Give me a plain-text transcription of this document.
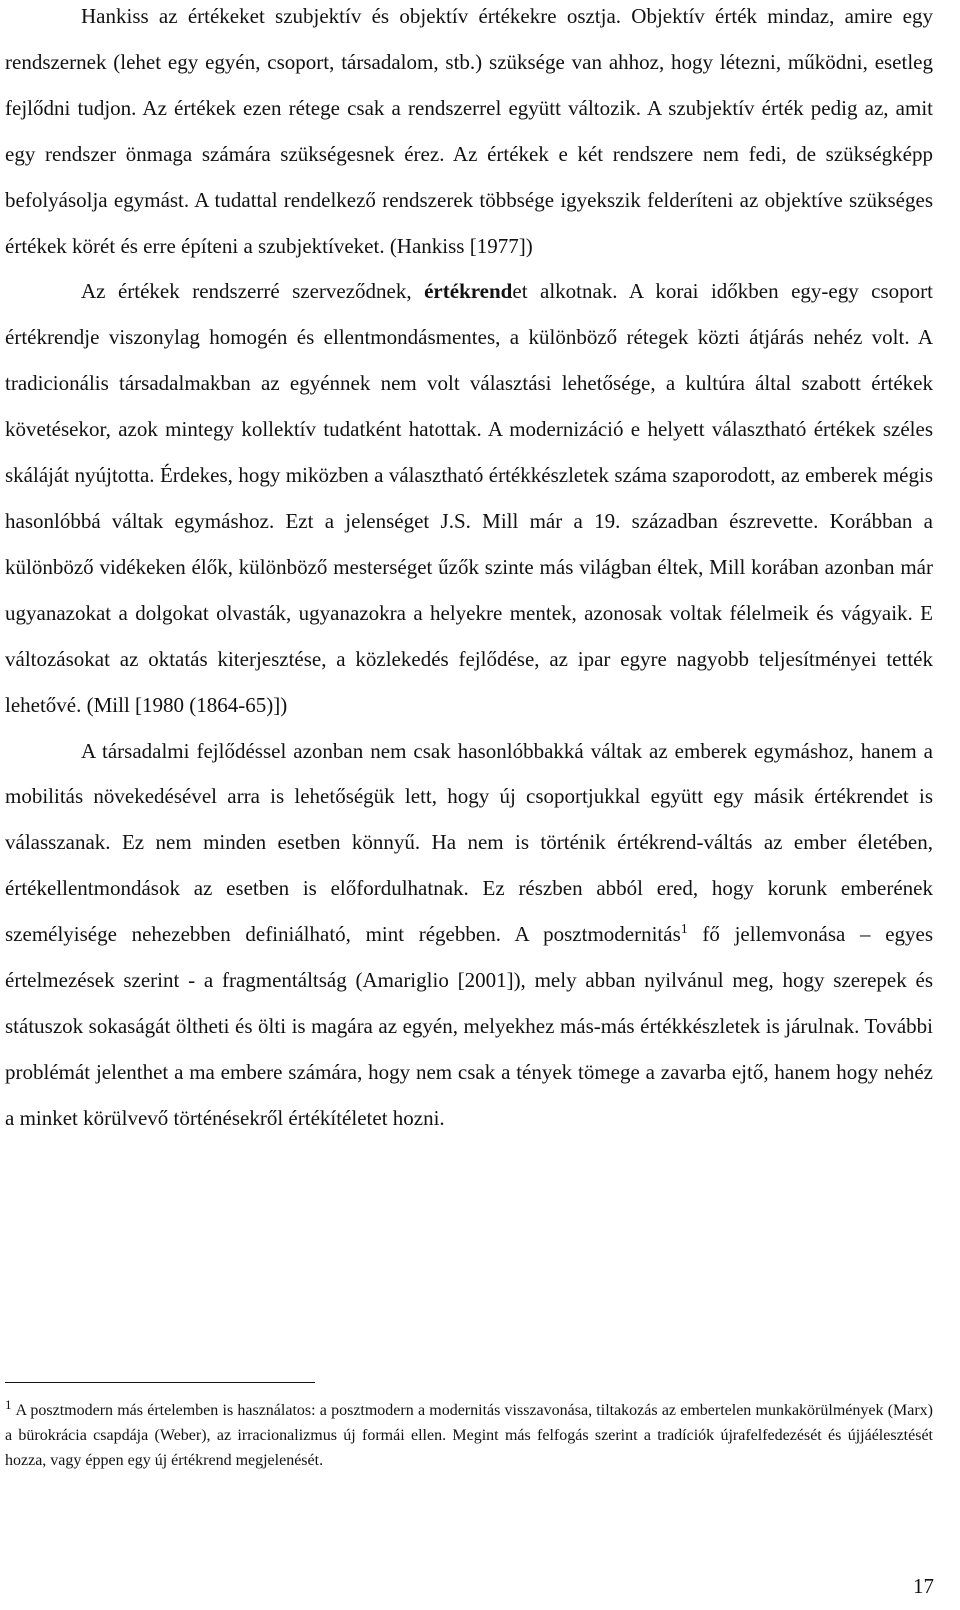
Hankiss az értékeket szubjektív és objektív értékekre osztja. Objektív érték mindaz, amire egy rendszernek (lehet egy egyén, csoport, társadalom, stb.) szüksége van ahhoz, hogy létezni, működni, esetleg fejlődni tudjon. Az értékek ezen rétege csak a rendszerrel együtt változik. A szubjektív érték pedig az, amit egy rendszer önmaga számára szükségesnek érez. Az értékek e két rendszere nem fedi, de szükségképp befolyásolja egymást. A tudattal rendelkező rendszerek többsége igyekszik felderíteni az objektíve szükséges értékek körét és erre építeni a szubjektíveket. (Hankiss [1977])

Az értékek rendszerré szerveződnek, értékrendet alkotnak. A korai időkben egy-egy csoport értékrendje viszonylag homogén és ellentmondásmentes, a különböző rétegek közti átjárás nehéz volt. A tradicionális társadalmakban az egyénnek nem volt választási lehetősége, a kultúra által szabott értékek követésekor, azok mintegy kollektív tudatként hatottak. A modernizáció e helyett választható értékek széles skáláját nyújtotta. Érdekes, hogy miközben a választható értékkészletek száma szaporodott, az emberek mégis hasonlóbbá váltak egymáshoz. Ezt a jelenséget J.S. Mill már a 19. században észrevette. Korábban a különböző vidékeken élők, különböző mesterséget űzők szinte más világban éltek, Mill korában azonban már ugyanazokat a dolgokat olvasták, ugyanazokra a helyekre mentek, azonosak voltak félelmeik és vágyaik. E változásokat az oktatás kiterjesztése, a közlekedés fejlődése, az ipar egyre nagyobb teljesítményei tették lehetővé. (Mill [1980 (1864-65)])

A társadalmi fejlődéssel azonban nem csak hasonlóbbakká váltak az emberek egymáshoz, hanem a mobilitás növekedésével arra is lehetőségük lett, hogy új csoportjukkal együtt egy másik értékrendet is válasszanak. Ez nem minden esetben könnyű. Ha nem is történik értékrend-váltás az ember életében, értékellentmondások az esetben is előfordulhatnak. Ez részben abból ered, hogy korunk emberének személyisége nehezebben definiálható, mint régebben. A posztmodernitás$^1$ fő jellemvonása – egyes értelmezések szerint - a fragmentáltság (Amariglio [2001]), mely abban nyilvánul meg, hogy szerepek és státuszok sokaságát öltheti és ölti is magára az egyén, melyekhez más-más értékkészletek is járulnak. További problémát jelenthet a ma embere számára, hogy nem csak a tények tömege a zavarba ejtő, hanem hogy nehéz a minket körülvevő történésekről értékítéletet hozni.

$^1$ A posztmodern más értelemben is használatos: a posztmodern a modernitás visszavonása, tiltakozás az embertelen munkakörülmények (Marx) a bürokrácia csapdája (Weber), az irracionalizmus új formái ellen. Megint más felfogás szerint a tradíciók újrafelfedezését és újjáélesztését hozza, vagy éppen egy új értékrend megjelenését.
17
